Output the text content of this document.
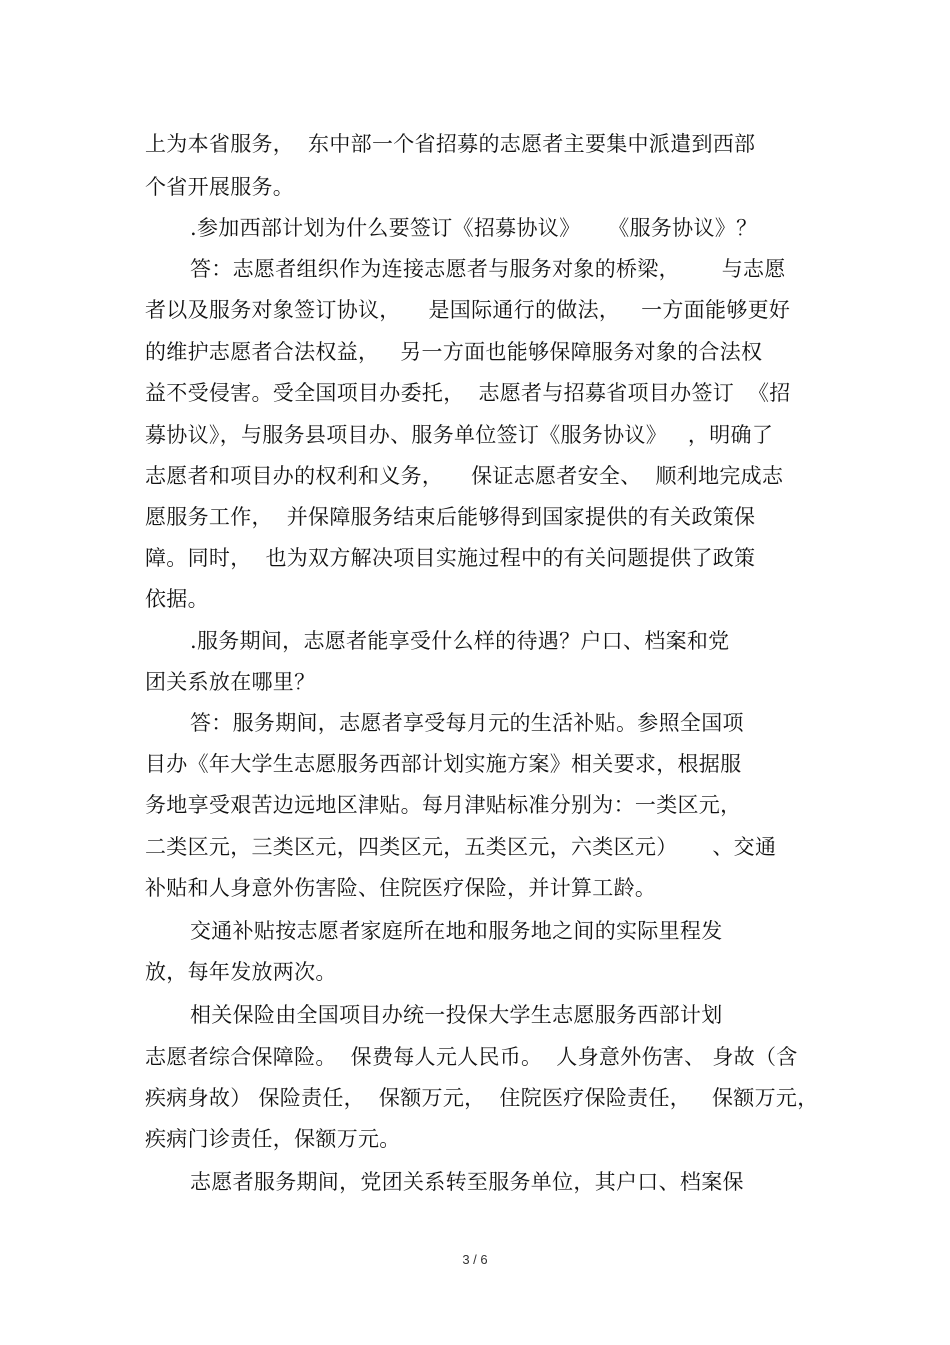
上为本省服务，  东中部一个省招募的志愿者主要集中派遣到西部
个省开展服务。
.参加西部计划为什么要签订《招募协议》    《服务协议》？
答：志愿者组织作为连接志愿者与服务对象的桥梁，      与志愿
者以及服务对象签订协议，    是国际通行的做法，   一方面能够更好
的维护志愿者合法权益，   另一方面也能够保障服务对象的合法权
益不受侵害。受全国项目办委托，  志愿者与招募省项目办签订  《招
募协议》，与服务县项目办、服务单位签订《服务协议》   ，明确了
志愿者和项目办的权利和义务，    保证志愿者安全、  顺利地完成志
愿服务工作，  并保障服务结束后能够得到国家提供的有关政策保
障。同时，  也为双方解决项目实施过程中的有关问题提供了政策
依据。
.服务期间，志愿者能享受什么样的待遇？户口、档案和党
团关系放在哪里？
答：服务期间，志愿者享受每月元的生活补贴。参照全国项
目办《年大学生志愿服务西部计划实施方案》相关要求，根据服
务地享受艰苦边远地区津贴。每月津贴标准分别为：一类区元，
二类区元，三类区元，四类区元，五类区元，六类区元）     、交通
补贴和人身意外伤害险、住院医疗保险，并计算工龄。
交通补贴按志愿者家庭所在地和服务地之间的实际里程发
放，每年发放两次。
相关保险由全国项目办统一投保大学生志愿服务西部计划
志愿者综合保障险。  保费每人元人民币。  人身意外伤害、 身故（含
疾病身故） 保险责任，  保额万元，  住院医疗保险责任，   保额万元，
疾病门诊责任，保额万元。
志愿者服务期间，党团关系转至服务单位，其户口、档案保
3 / 6
